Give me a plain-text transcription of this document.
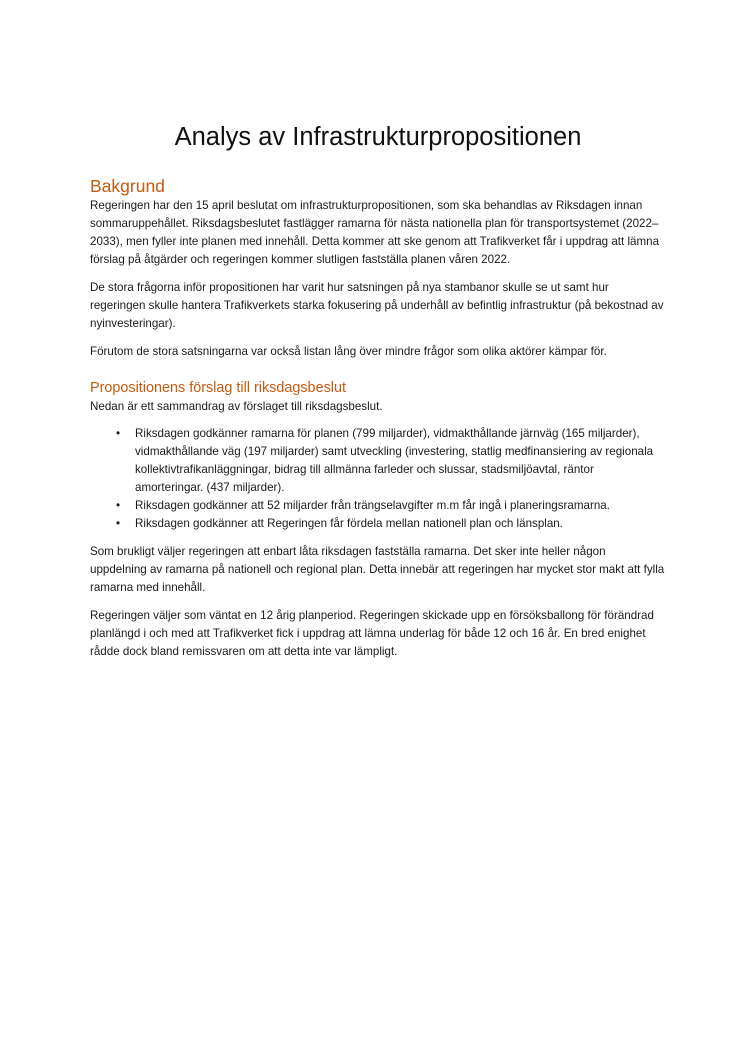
Analys av Infrastrukturpropositionen
Bakgrund

Regeringen har den 15 april beslutat om infrastrukturpropositionen, som ska behandlas av Riksdagen innan sommaruppehållet. Riksdagsbeslutet fastlägger ramarna för nästa nationella plan för transportsystemet (2022–2033), men fyller inte planen med innehåll. Detta kommer att ske genom att Trafikverket får i uppdrag att lämna förslag på åtgärder och regeringen kommer slutligen fastställa planen våren 2022.

De stora frågorna inför propositionen har varit hur satsningen på nya stambanor skulle se ut samt hur regeringen skulle hantera Trafikverkets starka fokusering på underhåll av befintlig infrastruktur (på bekostnad av nyinvesteringar).

Förutom de stora satsningarna var också listan lång över mindre frågor som olika aktörer kämpar för.

Propositionens förslag till riksdagsbeslut

Nedan är ett sammandrag av förslaget till riksdagsbeslut.

• Riksdagen godkänner ramarna för planen (799 miljarder), vidmakthållande järnväg (165 miljarder), vidmakthållande väg (197 miljarder) samt utveckling (investering, statlig medfinansiering av regionala kollektivtrafikanläggningar, bidrag till allmänna farleder och slussar, stadsmiljöavtal, räntor amorteringar. (437 miljarder).
• Riksdagen godkänner att 52 miljarder från trängselavgifter m.m får ingå i planeringsramarna.
• Riksdagen godkänner att Regeringen får fördela mellan nationell plan och länsplan.

Som brukligt väljer regeringen att enbart låta riksdagen fastställa ramarna. Det sker inte heller någon uppdelning av ramarna på nationell och regional plan. Detta innebär att regeringen har mycket stor makt att fylla ramarna med innehåll.

Regeringen väljer som väntat en 12 årig planperiod. Regeringen skickade upp en försöksballong för förändrad planlängd i och med att Trafikverket fick i uppdrag att lämna underlag för både 12 och 16 år. En bred enighet rådde dock bland remissvaren om att detta inte var lämpligt.
